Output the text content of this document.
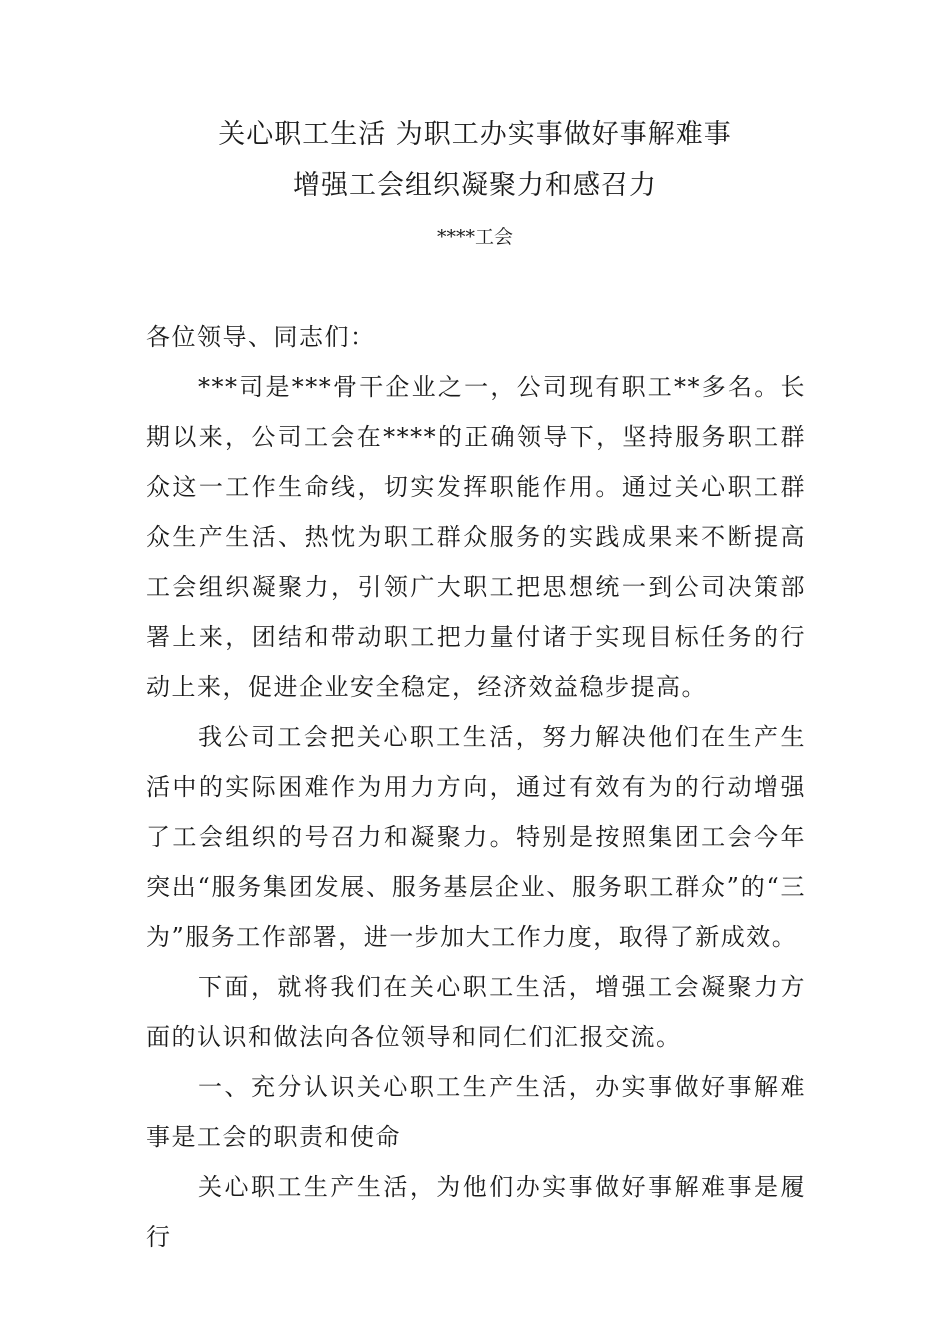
关心职工生活 为职工办实事做好事解难事
增强工会组织凝聚力和感召力
****工会

各位领导、同志们：

***司是***骨干企业之一，公司现有职工**多名。长期以来，公司工会在****的正确领导下，坚持服务职工群众这一工作生命线，切实发挥职能作用。通过关心职工群众生产生活、热忱为职工群众服务的实践成果来不断提高工会组织凝聚力，引领广大职工把思想统一到公司决策部署上来，团结和带动职工把力量付诸于实现目标任务的行动上来，促进企业安全稳定，经济效益稳步提高。

我公司工会把关心职工生活，努力解决他们在生产生活中的实际困难作为用力方向，通过有效有为的行动增强了工会组织的号召力和凝聚力。特别是按照集团工会今年突出“服务集团发展、服务基层企业、服务职工群众”的“三为”服务工作部署，进一步加大工作力度，取得了新成效。

下面，就将我们在关心职工生活，增强工会凝聚力方面的认识和做法向各位领导和同仁们汇报交流。

一、充分认识关心职工生产生活，办实事做好事解难事是工会的职责和使命

关心职工生产生活，为他们办实事做好事解难事是履行
